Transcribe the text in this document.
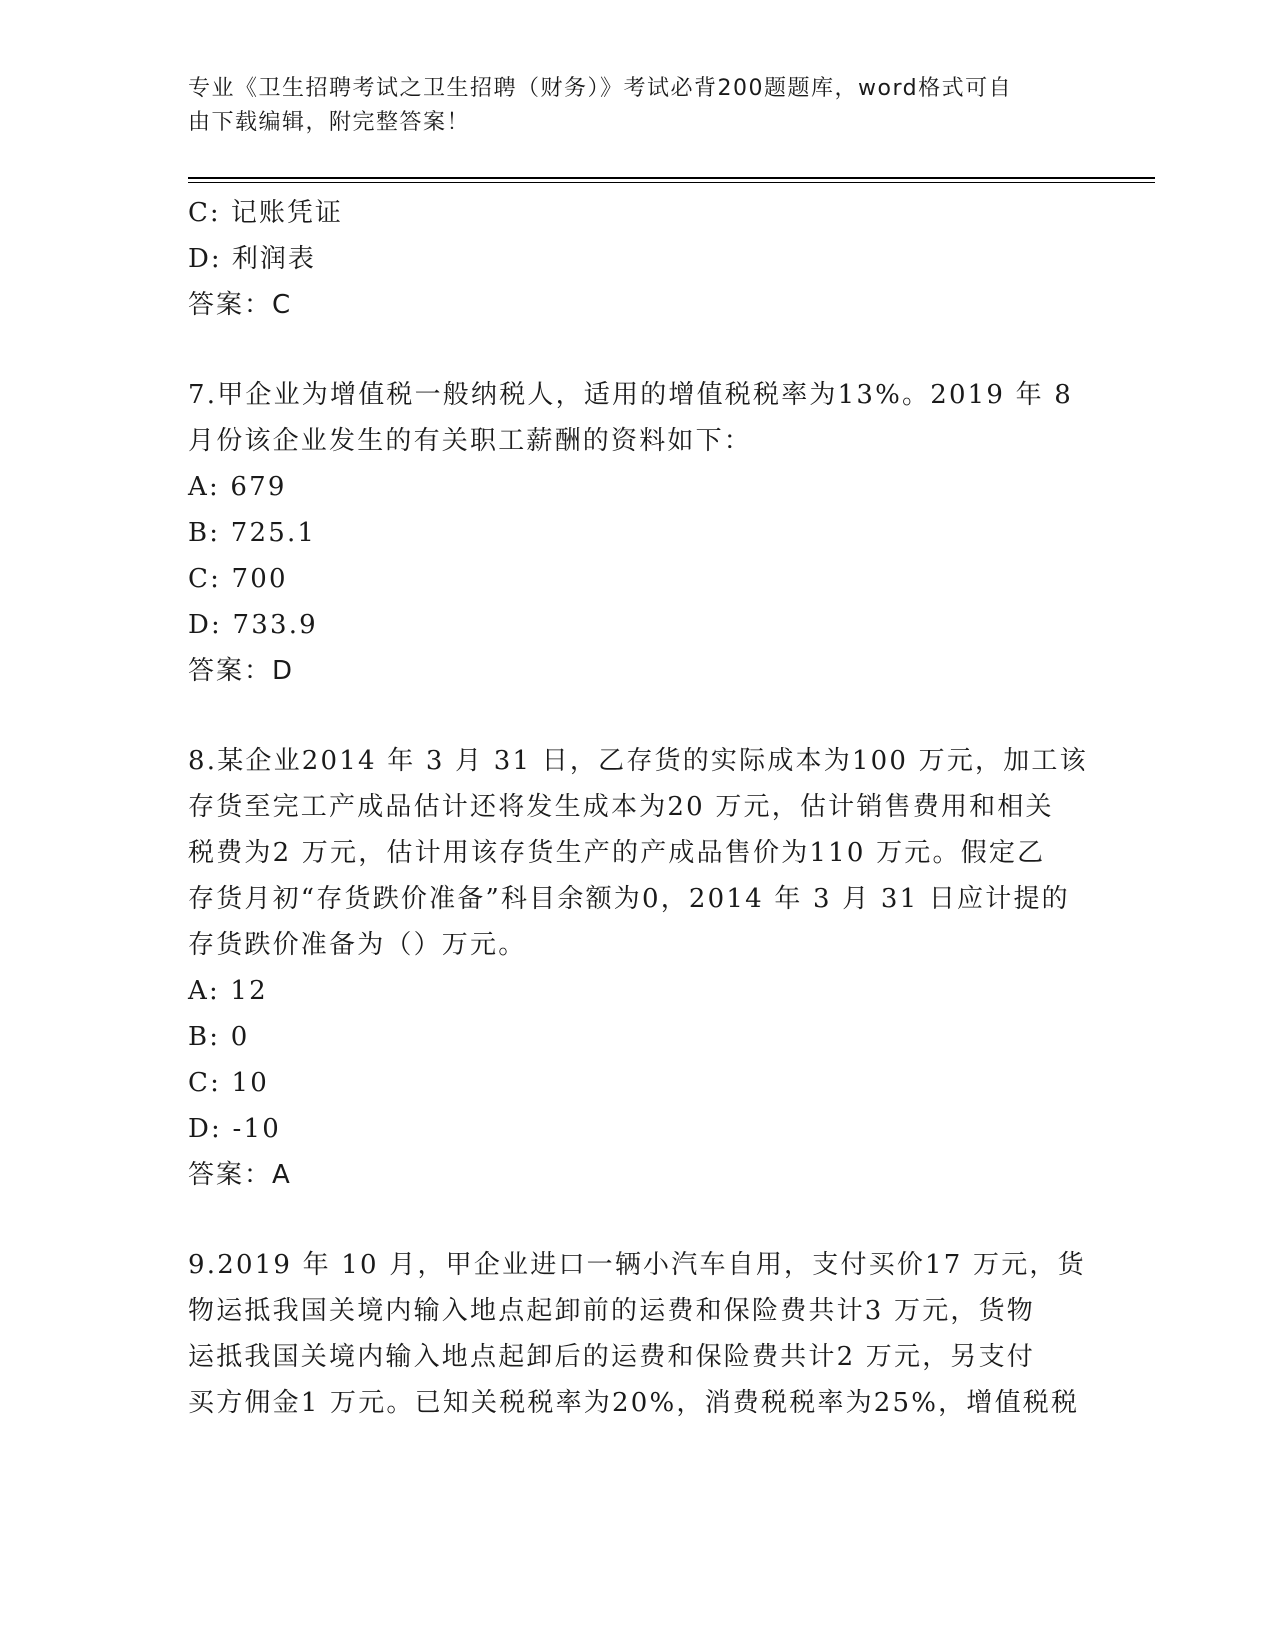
专业《卫生招聘考试之卫生招聘（财务）》考试必背200题题库，word格式可自
由下载编辑，附完整答案！
C: 记账凭证
D: 利润表
答案：C
7.甲企业为增值税一般纳税人，适用的增值税税率为13%。2019 年 8
月份该企业发生的有关职工薪酬的资料如下：
A: 679
B: 725.1
C: 700
D: 733.9
答案：D
8.某企业2014 年 3 月 31 日，乙存货的实际成本为100 万元，加工该
存货至完工产成品估计还将发生成本为20 万元，估计销售费用和相关
税费为2 万元，估计用该存货生产的产成品售价为110 万元。假定乙
存货月初“存货跌价准备”科目余额为0，2014 年 3 月 31 日应计提的
存货跌价准备为（）万元。
A: 12
B: 0
C: 10
D: -10
答案：A
9.2019 年 10 月，甲企业进口一辆小汽车自用，支付买价17 万元，货
物运抵我国关境内输入地点起卸前的运费和保险费共计3 万元，货物
运抵我国关境内输入地点起卸后的运费和保险费共计2 万元，另支付
买方佣金1 万元。已知关税税率为20%，消费税税率为25%，增值税税
